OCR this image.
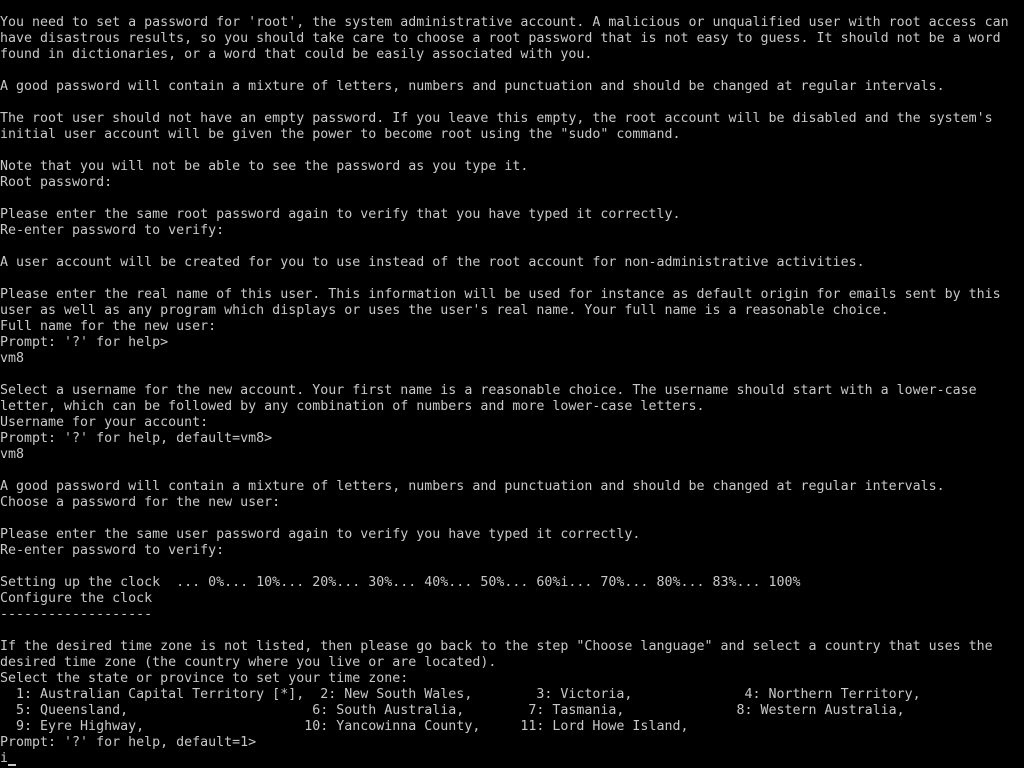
You need to set a password for 'root', the system administrative account. A malicious or unqualified user with root access can
have disastrous results, so you should take care to choose a root password that is not easy to guess. It should not be a word
found in dictionaries, or a word that could be easily associated with you.
A good password will contain a mixture of letters, numbers and punctuation and should be changed at regular intervals.
The root user should not have an empty password. If you leave this empty, the root account will be disabled and the system's
initial user account will be given the power to become root using the "sudo" command.
Note that you will not be able to see the password as you type it.
Root password:
Please enter the same root password again to verify that you have typed it correctly.
Re-enter password to verify:
A user account will be created for you to use instead of the root account for non-administrative activities.
Please enter the real name of this user. This information will be used for instance as default origin for emails sent by this
user as well as any program which displays or uses the user's real name. Your full name is a reasonable choice.
Full name for the new user:
Prompt: '?' for help>
vm8
Select a username for the new account. Your first name is a reasonable choice. The username should start with a lower-case
letter, which can be followed by any combination of numbers and more lower-case letters.
Username for your account:
Prompt: '?' for help, default=vm8>
vm8
A good password will contain a mixture of letters, numbers and punctuation and should be changed at regular intervals.
Choose a password for the new user:
Please enter the same user password again to verify you have typed it correctly.
Re-enter password to verify:
Setting up the clock  ... 0%... 10%... 20%... 30%... 40%... 50%... 60%i... 70%... 80%... 83%... 100%
Configure the clock
-------------------
If the desired time zone is not listed, then please go back to the step "Choose language" and select a country that uses the
desired time zone (the country where you live or are located).
Select the state or province to set your time zone:
1: Australian Capital Territory [*],  2: New South Wales,        3: Victoria,              4: Northern Territory,
5: Queensland,                       6: South Australia,        7: Tasmania,              8: Western Australia,
9: Eyre Highway,                    10: Yancowinna County,     11: Lord Howe Island,
Prompt: '?' for help, default=1>
i
